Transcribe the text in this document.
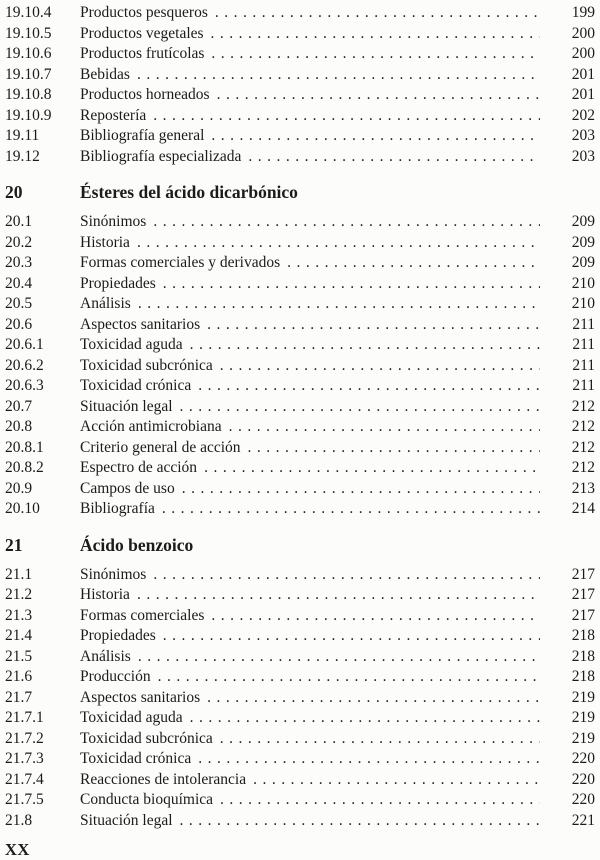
19.10.4	Productos pesqueros .....	199
19.10.5	Productos vegetales .....	200
19.10.6	Productos frutícolas .....	200
19.10.7	Bebidas .....	201
19.10.8	Productos horneados .....	201
19.10.9	Repostería .....	202
19.11	Bibliografía general .....	203
19.12	Bibliografía especializada .....	203
20	Ésteres del ácido dicarbónico
20.1	Sinónimos .....	209
20.2	Historia .....	209
20.3	Formas comerciales y derivados .....	209
20.4	Propiedades .....	210
20.5	Análisis .....	210
20.6	Aspectos sanitarios .....	211
20.6.1	Toxicidad aguda .....	211
20.6.2	Toxicidad subcrónica .....	211
20.6.3	Toxicidad crónica .....	211
20.7	Situación legal .....	212
20.8	Acción antimicrobiana .....	212
20.8.1	Criterio general de acción .....	212
20.8.2	Espectro de acción .....	212
20.9	Campos de uso .....	213
20.10	Bibliografía .....	214
21	Ácido benzoico
21.1	Sinónimos .....	217
21.2	Historia .....	217
21.3	Formas comerciales .....	217
21.4	Propiedades .....	218
21.5	Análisis .....	218
21.6	Producción .....	218
21.7	Aspectos sanitarios .....	219
21.7.1	Toxicidad aguda .....	219
21.7.2	Toxicidad subcrónica .....	219
21.7.3	Toxicidad crónica .....	220
21.7.4	Reacciones de intolerancia .....	220
21.7.5	Conducta bioquímica .....	220
21.8	Situación legal .....	221
XX
